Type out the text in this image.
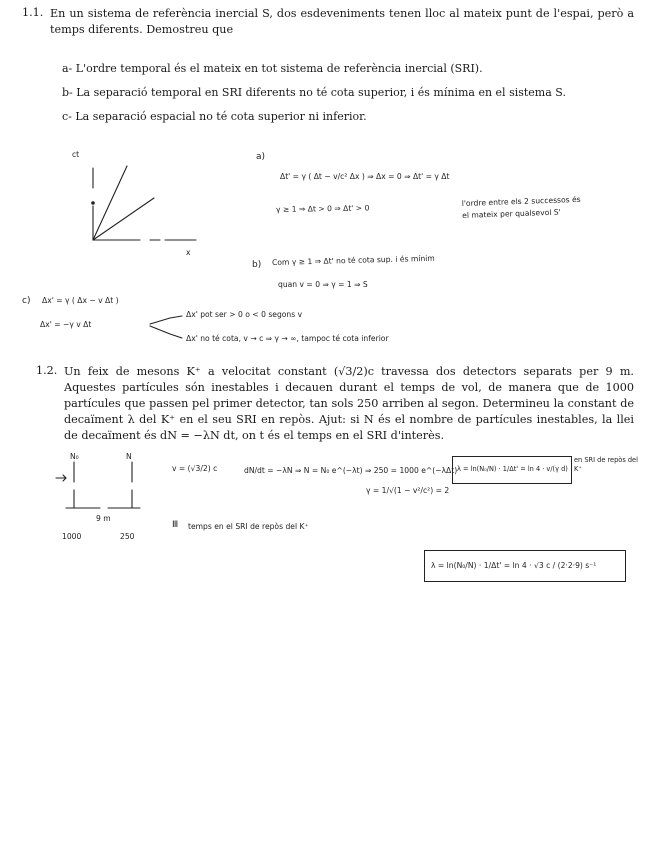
1.1. En un sistema de referència inercial S, dos esdeveniments tenen lloc al mateix punt de l'espai, però a temps diferents. Demostreu que
a- L'ordre temporal és el mateix en tot sistema de referència inercial (SRI).
b- La separació temporal en SRI diferents no té cota superior, i és mínima en el sistema S.
c- La separació espacial no té cota superior ni inferior.
ct
x
a)
Δt' = γ ( Δt − v/c² Δx ) ⇒ Δx = 0 ⇒ Δt' = γ Δt
γ ≥ 1 ⇒ Δt > 0 ⇒ Δt' > 0
l'ordre entre els 2 successos és el mateix per qualsevol S'
b) Com γ ≥ 1 ⇒ Δt' no té cota sup. i és mínim
quan v = 0 ⇒ γ = 1 ⇒ S
c) Δx' = γ ( Δx − v Δt )
Δx' = −γ v Δt
Δx' pot ser > 0 o < 0 segons v
Δx' no té cota, v → c ⇒ γ → ∞, tampoc té cota inferior
1.2. Un feix de mesons K⁺ a velocitat constant (√3/2)c travessa dos detectors separats per 9 m. Aquestes partícules són inestables i decauen durant el temps de vol, de manera que de 1000 partícules que passen pel primer detector, tan sols 250 arriben al segon. Determineu la constant de decaïment λ del K⁺ en el seu SRI en repòs. Ajut: si N és el nombre de partícules inestables, la llei de decaïment és dN = −λN dt, on t és el temps en el SRI d'interès.
N₀	N
9 m
1000	250
v = (√3/2) c	dN/dt = −λN ⇒ N = N₀ e^(−λt) ⇒ 250 = 1000 e^(−λΔt)
γ = 1/√(1 − v²/c²) = 2
λ = ln(N₀/N) · 1/Δt' = ln 4 · v/(γ d)
en SRI de repòs del K⁺
Ⅲ temps en el SRI de repòs del K⁺
λ = ln(N₀/N) · 1/Δt' = ln 4 · √3 c / (2·2·9) s⁻¹
